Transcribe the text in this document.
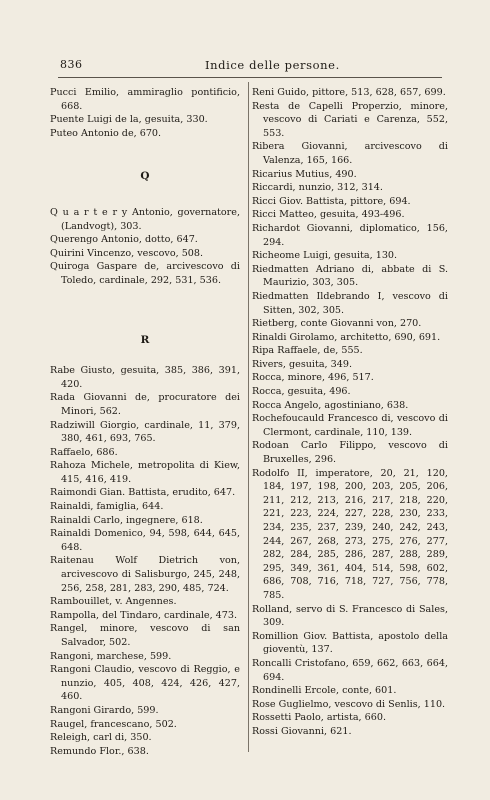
836	Indice delle persone.

Pucci Emilio, ammiraglio pontificio, 668.

Puente Luigi de la, gesuita, 330.

Puteo Antonio de, 670.

Q

Q u a r t e r y Antonio, governatore, (Landvogt), 303.

Querengo Antonio, dotto, 647.

Quirini Vincenzo, vescovo, 508.

Quiroga Gaspare de, arcivescovo di Toledo, cardinale, 292, 531, 536.

R

Rabe Giusto, gesuita, 385, 386, 391, 420.

Rada Giovanni de, procuratore dei Minori, 562.

Radziwill Giorgio, cardinale, 11, 379, 380, 461, 693, 765.

Raffaelo, 686.

Rahoza Michele, metropolita di Kiew, 415, 416, 419.

Raimondi Gian. Battista, erudito, 647.

Rainaldi, famiglia, 644.

Rainaldi Carlo, ingegnere, 618.

Rainaldi Domenico, 94, 598, 644, 645, 648.

Raitenau Wolf Dietrich von, arcivescovo di Salisburgo, 245, 248, 256, 258, 281, 283, 290, 485, 724.

Rambouillet, v. Angennes.

Rampolla, del Tindaro, cardinale, 473.

Rangel, minore, vescovo di san Salvador, 502.

Rangoni, marchese, 599.

Rangoni Claudio, vescovo di Reggio, e nunzio, 405, 408, 424, 426, 427, 460.

Rangoni Girardo, 599.

Raugel, francescano, 502.

Releigh, carl di, 350.

Remundo Flor., 638.

Reni Guido, pittore, 513, 628, 657, 699.

Resta de Capelli Properzio, minore, vescovo di Cariati e Carenza, 552, 553.

Ribera Giovanni, arcivescovo di Valenza, 165, 166.

Ricarius Mutius, 490.

Riccardi, nunzio, 312, 314.

Ricci Giov. Battista, pittore, 694.

Ricci Matteo, gesuita, 493-496.

Richardot Giovanni, diplomatico, 156, 294.

Richeome Luigi, gesuita, 130.

Riedmatten Adriano di, abbate di S. Maurizio, 303, 305.

Riedmatten Ildebrando I, vescovo di Sitten, 302, 305.

Rietberg, conte Giovanni von, 270.

Rinaldi Girolamo, architetto, 690, 691.

Ripa Raffaele, de, 555.

Rivers, gesuita, 349.

Rocca, minore, 496, 517.

Rocca, gesuita, 496.

Rocca Angelo, agostiniano, 638.

Rochefoucauld Francesco di, vescovo di Clermont, cardinale, 110, 139.

Rodoan Carlo Filippo, vescovo di Bruxelles, 296.

Rodolfo II, imperatore, 20, 21, 120, 184, 197, 198, 200, 203, 205, 206, 211, 212, 213, 216, 217, 218, 220, 221, 223, 224, 227, 228, 230, 233, 234, 235, 237, 239, 240, 242, 243, 244, 267, 268, 273, 275, 276, 277, 282, 284, 285, 286, 287, 288, 289, 295, 349, 361, 404, 514, 598, 602, 686, 708, 716, 718, 727, 756, 778, 785.

Rolland, servo di S. Francesco di Sales, 309.

Romillion Giov. Battista, apostolo della gioventù, 137.

Roncalli Cristofano, 659, 662, 663, 664, 694.

Rondinelli Ercole, conte, 601.

Rose Guglielmo, vescovo di Senlis, 110.

Rossetti Paolo, artista, 660.

Rossi Giovanni, 621.
